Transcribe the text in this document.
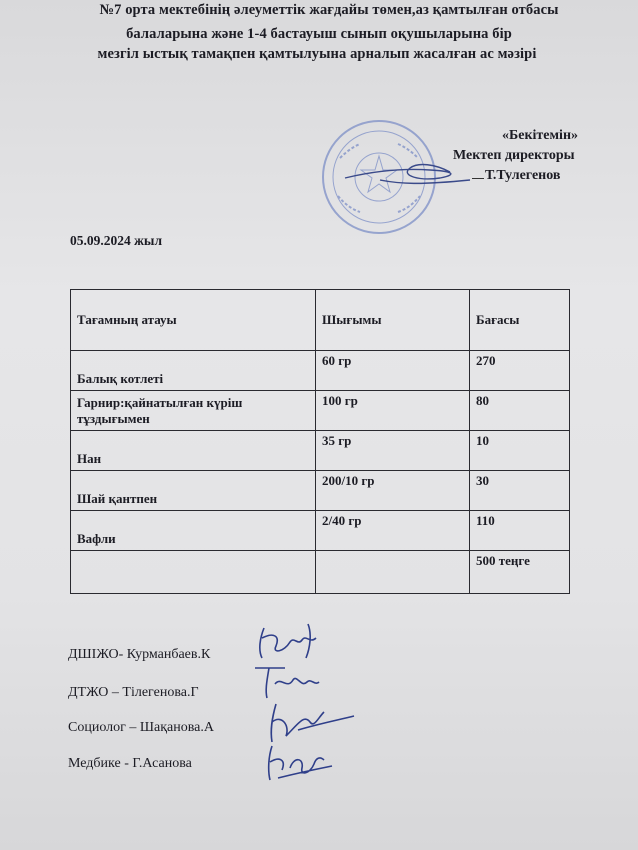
№7 орта мектебінің әлеуметтік жағдайы төмен,аз қамтылған отбасы
балаларына және 1-4 бастауыш сынып оқушыларына бір
мезгіл ыстық тамақпен қамтылуына арналып жасалған ас мәзірі
«Бекітемін»
Мектеп директоры
Т.Тулегенов
05.09.2024 жыл
Тағамның атауы	Шығымы	Бағасы
Балық котлеті	60 гр	270
Гарнир:қайнатылған күріш тұздығымен	100 гр	80
Нан	35 гр	10
Шай қантпен	200/10 гр	30
Вафли	2/40 гр	110
		500 теңге
ДШІЖО- Курманбаев.К
ДТЖО – Тілегенова.Г
Социолог – Шақанова.А
Медбике - Г.Асанова
